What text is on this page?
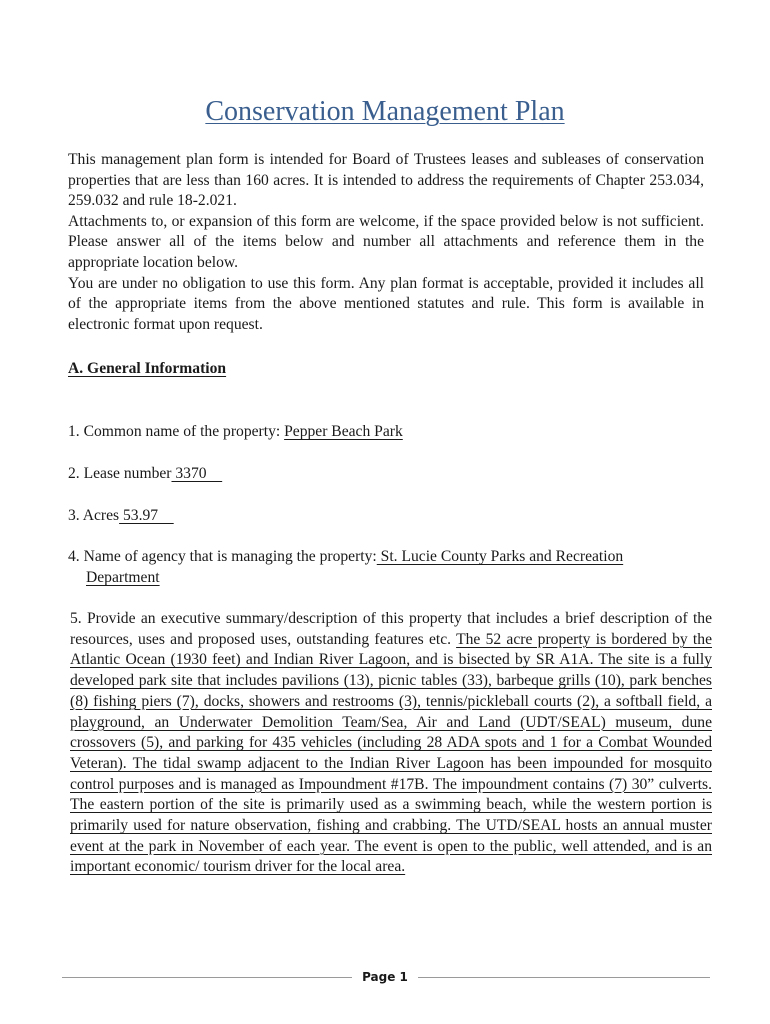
Conservation Management Plan

This management plan form is intended for Board of Trustees leases and subleases of conservation properties that are less than 160 acres. It is intended to address the requirements of Chapter 253.034, 259.032 and rule 18-2.021.

Attachments to, or expansion of this form are welcome, if the space provided below is not sufficient. Please answer all of the items below and number all attachments and reference them in the appropriate location below.

You are under no obligation to use this form. Any plan format is acceptable, provided it includes all of the appropriate items from the above mentioned statutes and rule. This form is available in electronic format upon request.

A. General Information
1. Common name of the property: Pepper Beach Park
2. Lease number 3370
3. Acres 53.97
4. Name of agency that is managing the property: St. Lucie County Parks and Recreation
Department
5. Provide an executive summary/description of this property that includes a brief description of the resources, uses and proposed uses, outstanding features etc. The 52 acre property is bordered by the Atlantic Ocean (1930 feet) and Indian River Lagoon, and is bisected by SR A1A. The site is a fully developed park site that includes pavilions (13), picnic tables (33), barbeque grills (10), park benches (8) fishing piers (7), docks, showers and restrooms (3), tennis/pickleball courts (2), a softball field, a playground, an Underwater Demolition Team/Sea, Air and Land (UDT/SEAL) museum, dune crossovers (5), and parking for 435 vehicles (including 28 ADA spots and 1 for a Combat Wounded Veteran). The tidal swamp adjacent to the Indian River Lagoon has been impounded for mosquito control purposes and is managed as Impoundment #17B. The impoundment contains (7) 30” culverts. The eastern portion of the site is primarily used as a swimming beach, while the western portion is primarily used for nature observation, fishing and crabbing. The UTD/SEAL hosts an annual muster event at the park in November of each year. The event is open to the public, well attended, and is an important economic/ tourism driver for the local area.
Page 1
